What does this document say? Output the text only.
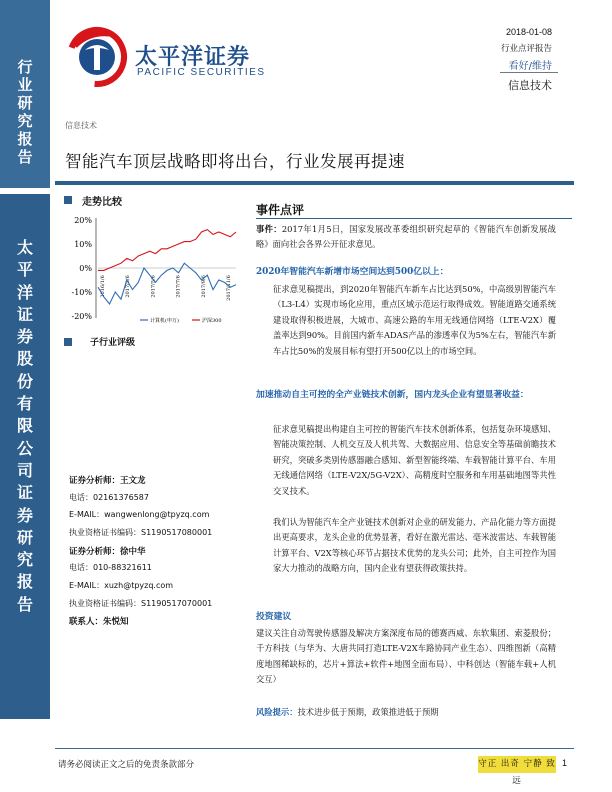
行
业
研
究
报
告
太
平
洋
证
券
股
份
有
限
公
司
证
券
研
究
报
告
太平洋证券
PACIFIC SECURITIES
2018-01-08
行业点评报告
看好/维持
信息技术
信息技术
智能汽车顶层战略即将出台，行业发展再提速
走势比较
20%
10%
0%
-10%
-20%
2016/1/6	2017/3/6	2017/5/6	2017/7/6	2017/9/6	2017/11/6
计算机(申万)	沪深300
子行业评级
证券分析师：王文龙
电话：02161376587
E-MAIL：wangwenlong@tpyzq.com
执业资格证书编码：S1190517080001
证券分析师：徐中华
电话：010-88321611
E-MAIL：xuzh@tpyzq.com
执业资格证书编码：S1190517070001
联系人：朱悦知
事件点评
事件：2017年1月5日，国家发展改革委组织研究起草的《智能汽车创新发展战略》面向社会各界公开征求意见。
2020年智能汽车新增市场空间达到500亿以上：
征求意见稿提出，到2020年智能汽车新车占比达到50%，中高级别智能汽车（L3-L4）实现市场化应用，重点区域示范运行取得成效。智能道路交通系统建设取得积极进展，大城市、高速公路的车用无线通信网络（LTE-V2X）覆盖率达到90%。目前国内新车ADAS产品的渗透率仅为5%左右，智能汽车新车占比50%的发展目标有望打开500亿以上的市场空间。
加速推动自主可控的全产业链技术创新，国内龙头企业有望显著收益：
征求意见稿提出构建自主可控的智能汽车技术创新体系，包括复杂环境感知、智能决策控制、人机交互及人机共驾、大数据应用、信息安全等基础前瞻技术研究，突破多类别传感器融合感知、新型智能终端、车载智能计算平台、车用无线通信网络（LTE-V2X/5G-V2X）、高精度时空服务和车用基础地图等共性交叉技术。
我们认为智能汽车全产业链技术创新对企业的研发能力、产品化能力等方面提出更高要求，龙头企业的优势显著，看好在激光雷达、毫米波雷达、车载智能计算平台、V2X等核心环节占据技术优势的龙头公司；此外，自主可控作为国家大力推动的战略方向，国内企业有望获得政策扶持。
投资建议
建议关注自动驾驶传感器及解决方案深度布局的德赛西威、东软集团、索菱股份；千方科技（与华为、大唐共同打造LTE-V2X车路协同产业生态）、四维图新（高精度地图稀缺标的，芯片+算法+软件+地图全面布局）、中科创达（智能车载+人机交互）
风险提示：技术进步低于预期，政策推进低于预期
请务必阅读正文之后的免责条款部分	守正 出奇 宁静 致远
1
